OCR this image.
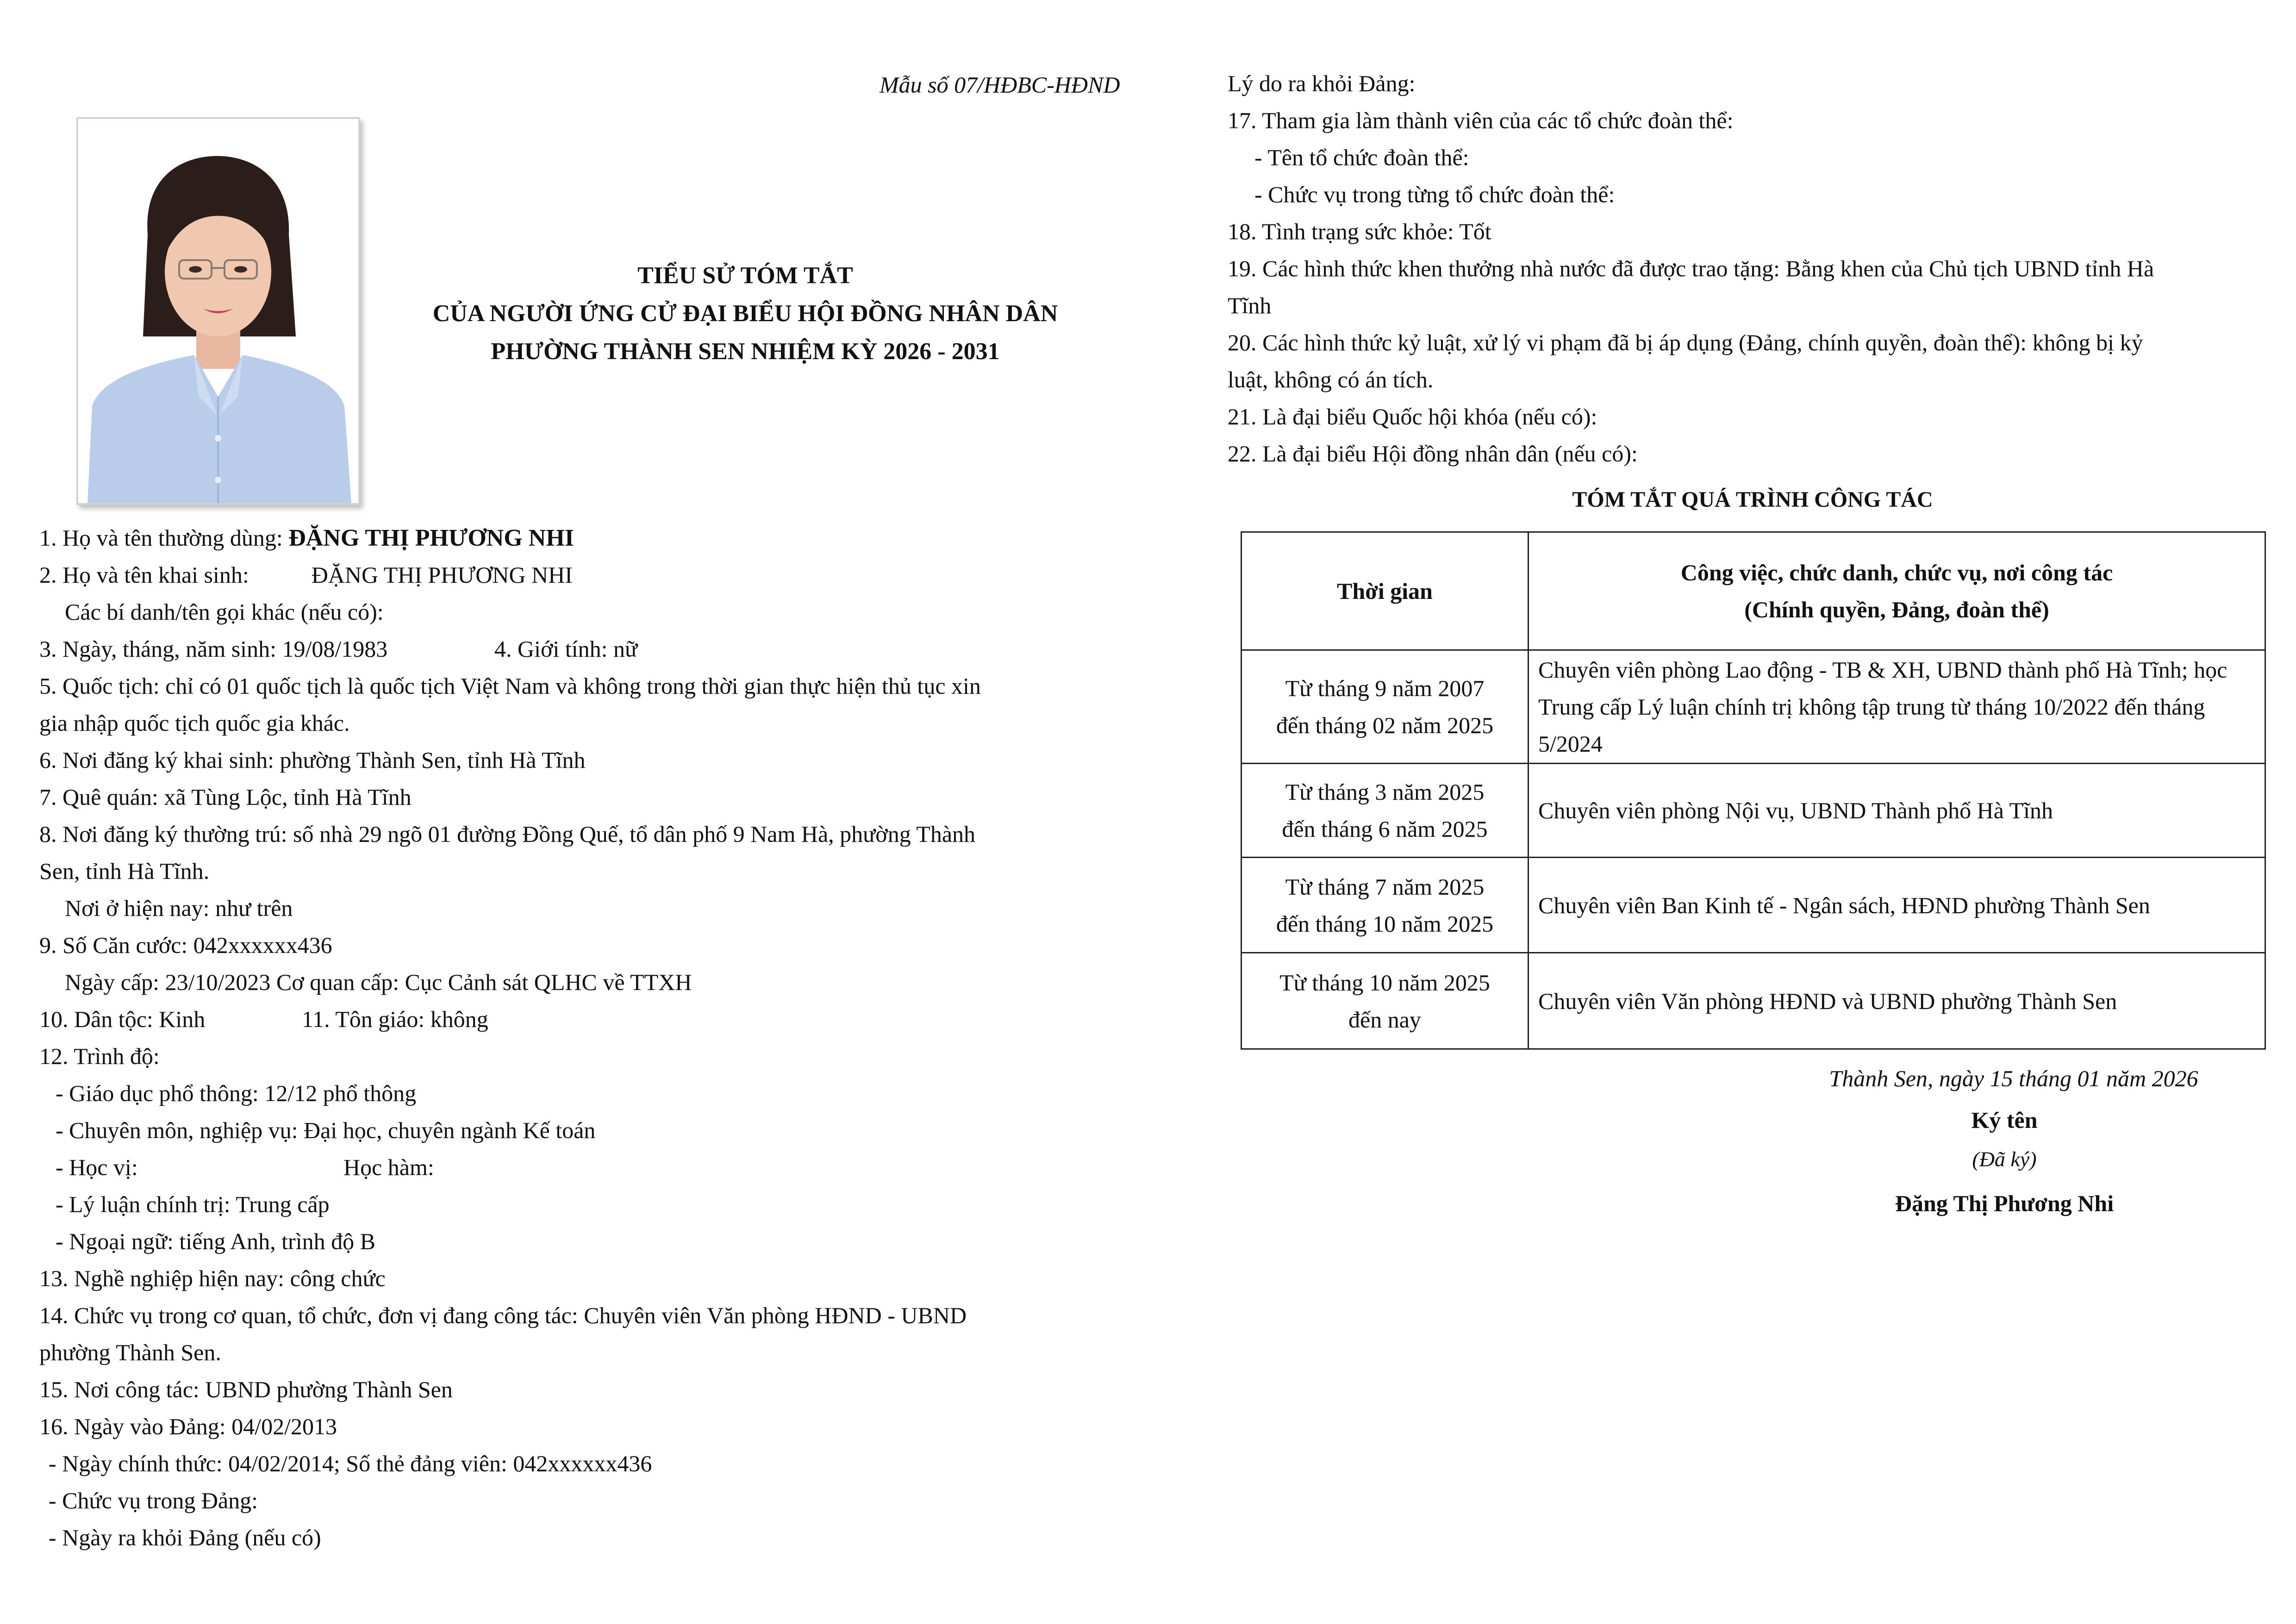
Mẫu số 07/HĐBC-HĐND
TIỂU SỬ TÓM TẮT
CỦA NGƯỜI ỨNG CỬ ĐẠI BIỂU HỘI ĐỒNG NHÂN DÂN
PHƯỜNG THÀNH SEN NHIỆM KỲ 2026 - 2031
1. Họ và tên thường dùng: ĐẶNG THỊ PHƯƠNG NHI
2. Họ và tên khai sinh:	ĐẶNG THỊ PHƯƠNG NHI
Các bí danh/tên gọi khác (nếu có):
3. Ngày, tháng, năm sinh: 19/08/1983	4. Giới tính: nữ
5. Quốc tịch: chỉ có 01 quốc tịch là quốc tịch Việt Nam và không trong thời gian thực hiện thủ tục xin
gia nhập quốc tịch quốc gia khác.
6. Nơi đăng ký khai sinh: phường Thành Sen, tỉnh Hà Tĩnh
7. Quê quán: xã Tùng Lộc, tỉnh Hà Tĩnh
8. Nơi đăng ký thường trú: số nhà 29 ngõ 01 đường Đồng Quế, tổ dân phố 9 Nam Hà, phường Thành
Sen, tỉnh Hà Tĩnh.
Nơi ở hiện nay: như trên
9. Số Căn cước: 042xxxxxx436
Ngày cấp: 23/10/2023 Cơ quan cấp: Cục Cảnh sát QLHC về TTXH
10. Dân tộc: Kinh	11. Tôn giáo: không
12. Trình độ:
- Giáo dục phổ thông: 12/12 phổ thông
- Chuyên môn, nghiệp vụ: Đại học, chuyên ngành Kế toán
- Học vị:	Học hàm:
- Lý luận chính trị: Trung cấp
- Ngoại ngữ: tiếng Anh, trình độ B
13. Nghề nghiệp hiện nay: công chức
14. Chức vụ trong cơ quan, tổ chức, đơn vị đang công tác: Chuyên viên Văn phòng HĐND - UBND
phường Thành Sen.
15. Nơi công tác: UBND phường Thành Sen
16. Ngày vào Đảng: 04/02/2013
- Ngày chính thức: 04/02/2014; Số thẻ đảng viên: 042xxxxxx436
- Chức vụ trong Đảng:
- Ngày ra khỏi Đảng (nếu có)
Lý do ra khỏi Đảng:
17. Tham gia làm thành viên của các tổ chức đoàn thể:
- Tên tổ chức đoàn thể:
- Chức vụ trong từng tổ chức đoàn thể:
18. Tình trạng sức khỏe: Tốt
19. Các hình thức khen thưởng nhà nước đã được trao tặng: Bằng khen của Chủ tịch UBND tỉnh Hà
Tĩnh
20. Các hình thức kỷ luật, xử lý vi phạm đã bị áp dụng (Đảng, chính quyền, đoàn thể): không bị kỷ
luật, không có án tích.
21. Là đại biểu Quốc hội khóa (nếu có):
22. Là đại biểu Hội đồng nhân dân (nếu có):
TÓM TẮT QUÁ TRÌNH CÔNG TÁC
Thời gian	Công việc, chức danh, chức vụ, nơi công tác
(Chính quyền, Đảng, đoàn thể)

Từ tháng 9 năm 2007
đến tháng 02 năm 2025	Chuyên viên phòng Lao động - TB & XH, UBND thành phố Hà Tĩnh; học Trung cấp Lý luận chính trị không tập trung từ tháng 10/2022 đến tháng 5/2024

Từ tháng 3 năm 2025
đến tháng 6 năm 2025	Chuyên viên phòng Nội vụ, UBND Thành phố Hà Tĩnh

Từ tháng 7 năm 2025
đến tháng 10 năm 2025	Chuyên viên Ban Kinh tế - Ngân sách, HĐND phường Thành Sen

Từ tháng 10 năm 2025
đến nay	Chuyên viên Văn phòng HĐND và UBND phường Thành Sen
Thành Sen, ngày 15 tháng 01 năm 2026
Ký tên
(Đã ký)
Đặng Thị Phương Nhi
